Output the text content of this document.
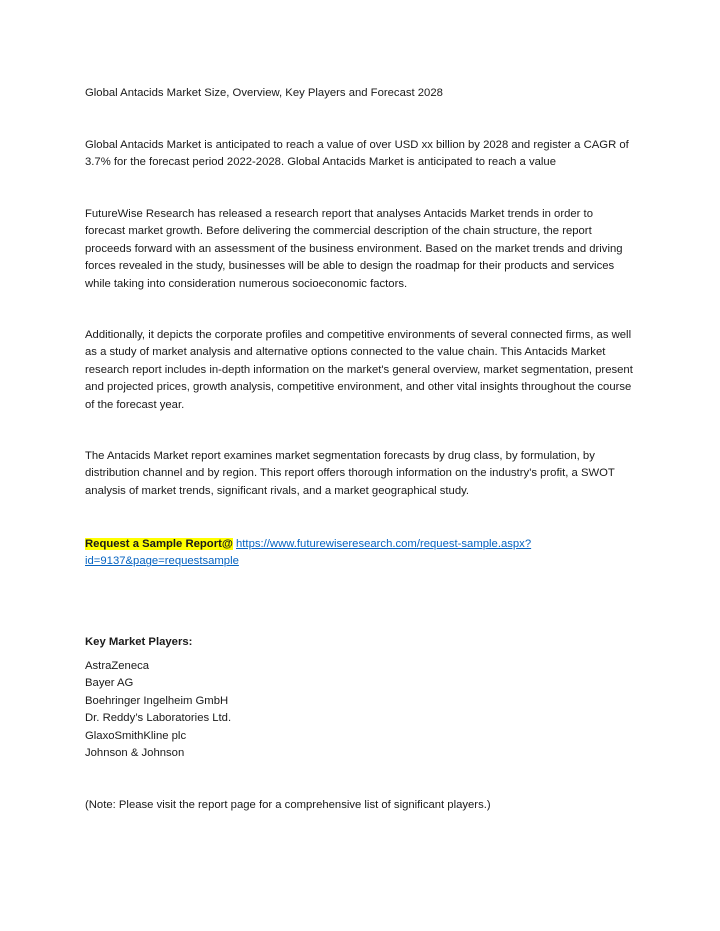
Global Antacids Market Size, Overview, Key Players and Forecast 2028

Global Antacids Market is anticipated to reach a value of over USD xx billion by 2028 and register a CAGR of 3.7% for the forecast period 2022-2028. Global Antacids Market is anticipated to reach a value

FutureWise Research has released a research report that analyses Antacids Market trends in order to forecast market growth. Before delivering the commercial description of the chain structure, the report proceeds forward with an assessment of the business environment. Based on the market trends and driving forces revealed in the study, businesses will be able to design the roadmap for their products and services while taking into consideration numerous socioeconomic factors.

Additionally, it depicts the corporate profiles and competitive environments of several connected firms, as well as a study of market analysis and alternative options connected to the value chain. This Antacids Market research report includes in-depth information on the market's general overview, market segmentation, present and projected prices, growth analysis, competitive environment, and other vital insights throughout the course of the forecast year.

The Antacids Market report examines market segmentation forecasts by drug class, by formulation, by distribution channel and by region. This report offers thorough information on the industry's profit, a SWOT analysis of market trends, significant rivals, and a market geographical study.

Request a Sample Report@ https://www.futurewiseresearch.com/request-sample.aspx?id=9137&page=requestsample

Key Market Players:

AstraZeneca
Bayer AG
Boehringer Ingelheim GmbH
Dr. Reddy’s Laboratories Ltd.
GlaxoSmithKline plc
Johnson & Johnson

(Note: Please visit the report page for a comprehensive list of significant players.)
